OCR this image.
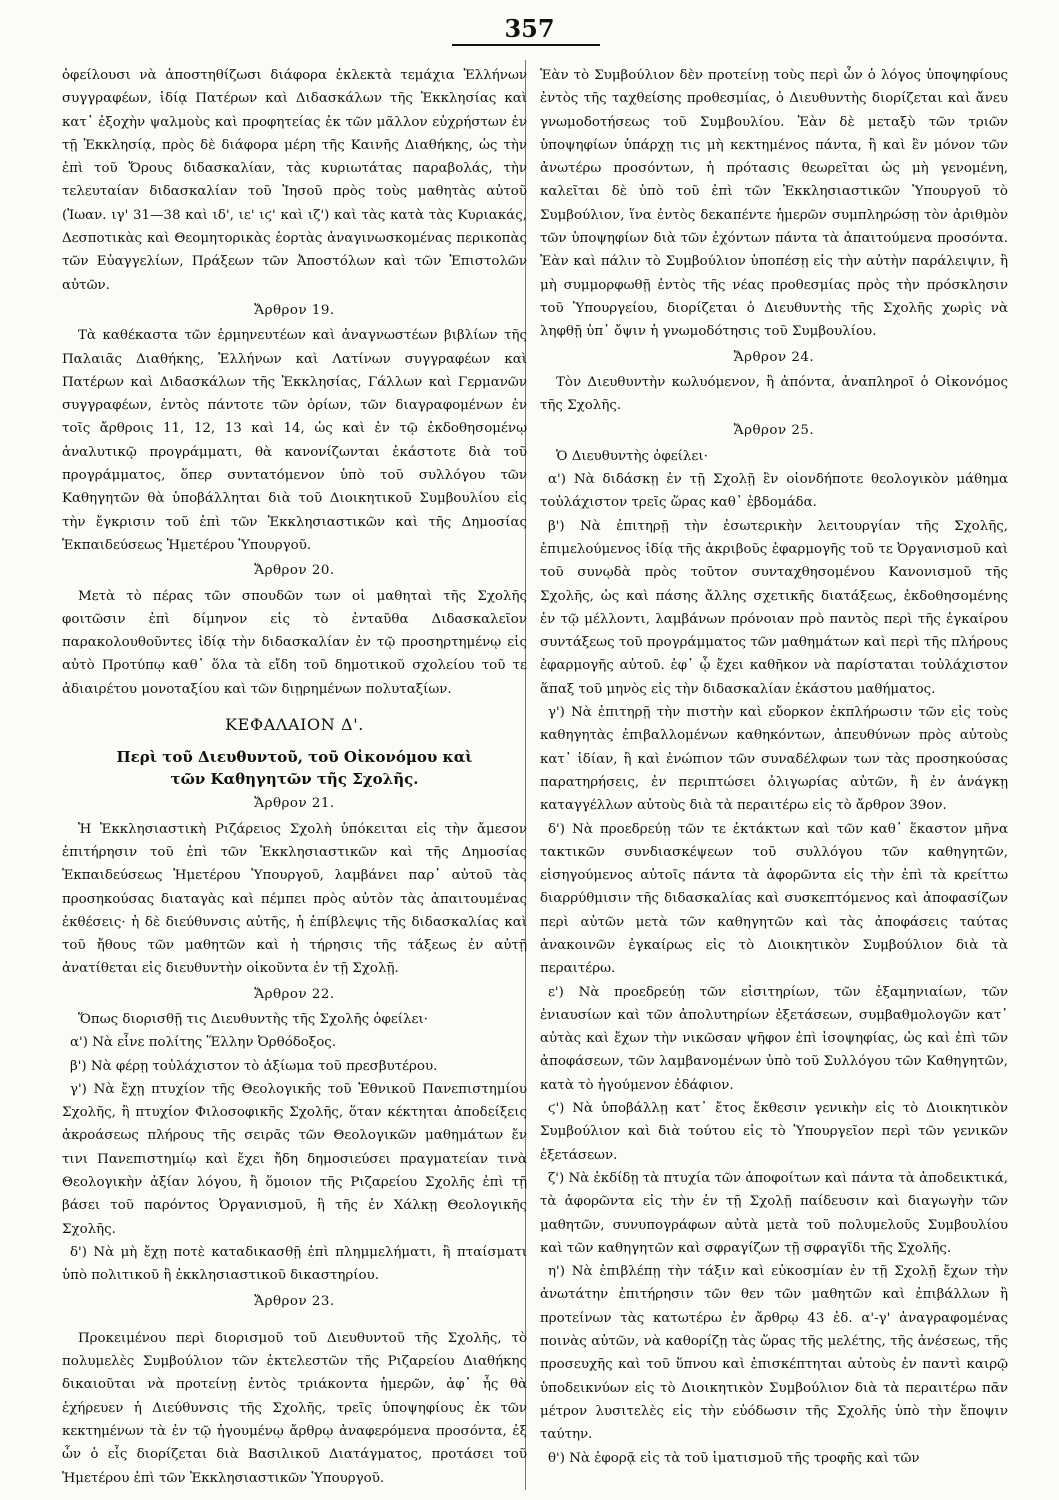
357

ὀφείλουσι νὰ ἀποστηθίζωσι διάφορα ἐκλεκτὰ τεμάχια Ἑλλήνων συγγραφέων, ἰδίᾳ Πατέρων καὶ Διδασκάλων τῆς Ἐκκλησίας καὶ κατ᾽ ἐξοχὴν ψαλμοὺς καὶ προφητείας ἐκ τῶν μᾶλλον εὐχρήστων ἐν τῇ Ἐκκλησίᾳ, πρὸς δὲ διάφορα μέρη τῆς Καινῆς Διαθήκης, ὡς τὴν ἐπὶ τοῦ Ὄρους διδασκαλίαν, τὰς κυριωτάτας παραβολάς, τὴν τελευταίαν διδασκαλίαν τοῦ Ἰησοῦ πρὸς τοὺς μαθητὰς αὐτοῦ (Ἰωαν. ιγ' 31—38 καὶ ιδ', ιε' ιϛ' καὶ ιζ') καὶ τὰς κατὰ τὰς Κυριακάς, Δεσποτικὰς καὶ Θεομητορικὰς ἑορτὰς ἀναγινωσκομένας περικοπὰς τῶν Εὐαγγελίων, Πράξεων τῶν Ἀποστόλων καὶ τῶν Ἐπιστολῶν αὐτῶν.

Ἄρθρον 19.

Τὰ καθέκαστα τῶν ἑρμηνευτέων καὶ ἀναγνωστέων βιβλίων τῆς Παλαιᾶς Διαθήκης, Ἑλλήνων καὶ Λατίνων συγγραφέων καὶ Πατέρων καὶ Διδασκάλων τῆς Ἐκκλησίας, Γάλλων καὶ Γερμανῶν συγγραφέων, ἐντὸς πάντοτε τῶν ὁρίων, τῶν διαγραφομένων ἐν τοῖς ἄρθροις 11, 12, 13 καὶ 14, ὡς καὶ ἐν τῷ ἐκδοθησομένῳ ἀναλυτικῷ προγράμματι, θὰ κανονίζωνται ἑκάστοτε διὰ τοῦ προγράμματος, ὅπερ συντατόμενον ὑπὸ τοῦ συλλόγου τῶν Καθηγητῶν θὰ ὑποβάλληται διὰ τοῦ Διοικητικοῦ Συμβουλίου εἰς τὴν ἔγκρισιν τοῦ ἐπὶ τῶν Ἐκκλησιαστικῶν καὶ τῆς Δημοσίας Ἐκπαιδεύσεως Ἡμετέρου Ὑπουργοῦ.

Ἄρθρον 20.

Μετὰ τὸ πέρας τῶν σπουδῶν των οἱ μαθηταὶ τῆς Σχολῆς φοιτῶσιν ἐπὶ δίμηνον εἰς τὸ ἐνταῦθα Διδασκαλεῖον παρακολουθοῦντες ἰδίᾳ τὴν διδασκαλίαν ἐν τῷ προσηρτημένῳ εἰς αὐτὸ Προτύπῳ καθ᾽ ὅλα τὰ εἴδη τοῦ δημοτικοῦ σχολείου τοῦ τε ἀδιαιρέτου μονοταξίου καὶ τῶν διῃρημένων πολυταξίων.

ΚΕΦΑΛΑΙΟΝ Δ'.
Περὶ τοῦ Διευθυντοῦ, τοῦ Οἰκονόμου καὶ
τῶν Καθηγητῶν τῆς Σχολῆς.
Ἄρθρον 21.

Ἡ Ἐκκλησιαστικὴ Ριζάρειος Σχολὴ ὑπόκειται εἰς τὴν ἄμεσον ἐπιτήρησιν τοῦ ἐπὶ τῶν Ἐκκλησιαστικῶν καὶ τῆς Δημοσίας Ἐκπαιδεύσεως Ἡμετέρου Ὑπουργοῦ, λαμβάνει παρ᾽ αὐτοῦ τὰς προσηκούσας διαταγὰς καὶ πέμπει πρὸς αὐτὸν τὰς ἀπαιτουμένας ἐκθέσεις· ἡ δὲ διεύθυνσις αὐτῆς, ἡ ἐπίβλεψις τῆς διδασκαλίας καὶ τοῦ ἤθους τῶν μαθητῶν καὶ ἡ τήρησις τῆς τάξεως ἐν αὐτῇ ἀνατίθεται εἰς διευθυντὴν οἰκοῦντα ἐν τῇ Σχολῇ.

Ἄρθρον 22.

Ὅπως διορισθῇ τις Διευθυντὴς τῆς Σχολῆς ὀφείλει·

α') Νὰ εἶνε πολίτης Ἕλλην Ὀρθόδοξος.

β') Νὰ φέρῃ τοὐλάχιστον τὸ ἀξίωμα τοῦ πρεσβυτέρου.

γ') Νὰ ἔχῃ πτυχίον τῆς Θεολογικῆς τοῦ Ἐθνικοῦ Πανεπιστημίου Σχολῆς, ἢ πτυχίον Φιλοσοφικῆς Σχολῆς, ὅταν κέκτηται ἀποδείξεις ἀκροάσεως πλήρους τῆς σειρᾶς τῶν Θεολογικῶν μαθημάτων ἔν τινι Πανεπιστημίῳ καὶ ἔχει ἤδη δημοσιεύσει πραγματείαν τινὰ Θεολογικὴν ἀξίαν λόγου, ἢ ὅμοιον τῆς Ριζαρείου Σχολῆς ἐπὶ τῇ βάσει τοῦ παρόντος Ὀργανισμοῦ, ἢ τῆς ἐν Χάλκῃ Θεολογικῆς Σχολῆς.

δ') Νὰ μὴ ἔχῃ ποτὲ καταδικασθῇ ἐπὶ πλημμελήματι, ἢ πταίσματι ὑπὸ πολιτικοῦ ἢ ἐκκλησιαστικοῦ δικαστηρίου.

Ἄρθρον 23.

Προκειμένου περὶ διορισμοῦ τοῦ Διευθυντοῦ τῆς Σχολῆς, τὸ πολυμελὲς Συμβούλιον τῶν ἐκτελεστῶν τῆς Ριζαρείου Διαθήκης δικαιοῦται νὰ προτείνῃ ἐντὸς τριάκοντα ἡμερῶν, ἀφ᾽ ἧς θὰ ἐχήρευεν ἡ Διεύθυνσις τῆς Σχολῆς, τρεῖς ὑποψηφίους ἐκ τῶν κεκτημένων τὰ ἐν τῷ ἡγουμένῳ ἄρθρῳ ἀναφερόμενα προσόντα, ἐξ ὧν ὁ εἷς διορίζεται διὰ Βασιλικοῦ Διατάγματος, προτάσει τοῦ Ἡμετέρου ἐπὶ τῶν Ἐκκλησιαστικῶν Ὑπουργοῦ.

Ἐὰν τὸ Συμβούλιον δὲν προτείνῃ τοὺς περὶ ὧν ὁ λόγος ὑποψηφίους ἐντὸς τῆς ταχθείσης προθεσμίας, ὁ Διευθυντὴς διορίζεται καὶ ἄνευ γνωμοδοτήσεως τοῦ Συμβουλίου. Ἐὰν δὲ μεταξὺ τῶν τριῶν ὑποψηφίων ὑπάρχῃ τις μὴ κεκτημένος πάντα, ἢ καὶ ἓν μόνον τῶν ἀνωτέρω προσόντων, ἡ πρότασις θεωρεῖται ὡς μὴ γενομένη, καλεῖται δὲ ὑπὸ τοῦ ἐπὶ τῶν Ἐκκλησιαστικῶν Ὑπουργοῦ τὸ Συμβούλιον, ἵνα ἐντὸς δεκαπέντε ἡμερῶν συμπληρώσῃ τὸν ἀριθμὸν τῶν ὑποψηφίων διὰ τῶν ἐχόντων πάντα τὰ ἀπαιτούμενα προσόντα. Ἐὰν καὶ πάλιν τὸ Συμβούλιον ὑποπέσῃ εἰς τὴν αὐτὴν παράλειψιν, ἢ μὴ συμμορφωθῇ ἐντὸς τῆς νέας προθεσμίας πρὸς τὴν πρόσκλησιν τοῦ Ὑπουργείου, διορίζεται ὁ Διευθυντὴς τῆς Σχολῆς χωρὶς νὰ ληφθῇ ὑπ᾽ ὄψιν ἡ γνωμοδότησις τοῦ Συμβουλίου.

Ἄρθρον 24.

Τὸν Διευθυντὴν κωλυόμενον, ἢ ἀπόντα, ἀναπληροῖ ὁ Οἰκονόμος τῆς Σχολῆς.

Ἄρθρον 25.

Ὁ Διευθυντὴς ὀφείλει·

α') Νὰ διδάσκῃ ἐν τῇ Σχολῇ ἓν οἱονδήποτε θεολογικὸν μάθημα τοὐλάχιστον τρεῖς ὥρας καθ᾽ ἑβδομάδα.

β') Νὰ ἐπιτηρῇ τὴν ἐσωτερικὴν λειτουργίαν τῆς Σχολῆς, ἐπιμελούμενος ἰδίᾳ τῆς ἀκριβοῦς ἐφαρμογῆς τοῦ τε Ὀργανισμοῦ καὶ τοῦ συνῳδὰ πρὸς τοῦτον συνταχθησομένου Κανονισμοῦ τῆς Σχολῆς, ὡς καὶ πάσης ἄλλης σχετικῆς διατάξεως, ἐκδοθησομένης ἐν τῷ μέλλοντι, λαμβάνων πρόνοιαν πρὸ παντὸς περὶ τῆς ἐγκαίρου συντάξεως τοῦ προγράμματος τῶν μαθημάτων καὶ περὶ τῆς πλήρους ἐφαρμογῆς αὐτοῦ. ἐφ᾽ ᾧ ἔχει καθῆκον νὰ παρίσταται τοὐλάχιστον ἅπαξ τοῦ μηνὸς εἰς τὴν διδασκαλίαν ἑκάστου μαθήματος.

γ') Νὰ ἐπιτηρῇ τὴν πιστὴν καὶ εὔορκον ἐκπλήρωσιν τῶν εἰς τοὺς καθηγητὰς ἐπιβαλλομένων καθηκόντων, ἀπευθύνων πρὸς αὐτοὺς κατ᾽ ἰδίαν, ἢ καὶ ἐνώπιον τῶν συναδέλφων των τὰς προσηκούσας παρατηρήσεις, ἐν περιπτώσει ὀλιγωρίας αὐτῶν, ἢ ἐν ἀνάγκῃ καταγγέλλων αὐτοὺς διὰ τὰ περαιτέρω εἰς τὸ ἄρθρον 39ον.

δ') Νὰ προεδρεύῃ τῶν τε ἐκτάκτων καὶ τῶν καθ᾽ ἕκαστον μῆνα τακτικῶν συνδιασκέψεων τοῦ συλλόγου τῶν καθηγητῶν, εἰσηγούμενος αὐτοῖς πάντα τὰ ἀφορῶντα εἰς τὴν ἐπὶ τὰ κρείττω διαρρύθμισιν τῆς διδασκαλίας καὶ συσκεπτόμενος καὶ ἀποφασίζων περὶ αὐτῶν μετὰ τῶν καθηγητῶν καὶ τὰς ἀποφάσεις ταύτας ἀνακοινῶν ἐγκαίρως εἰς τὸ Διοικητικὸν Συμβούλιον διὰ τὰ περαιτέρω.

ε') Νὰ προεδρεύῃ τῶν εἰσιτηρίων, τῶν ἑξαμηνιαίων, τῶν ἐνιαυσίων καὶ τῶν ἀπολυτηρίων ἐξετάσεων, συμβαθμολογῶν κατ᾽ αὐτὰς καὶ ἔχων τὴν νικῶσαν ψῆφον ἐπὶ ἰσοψηφίας, ὡς καὶ ἐπὶ τῶν ἀποφάσεων, τῶν λαμβανομένων ὑπὸ τοῦ Συλλόγου τῶν Καθηγητῶν, κατὰ τὸ ἡγούμενον ἐδάφιον.

ϛ') Νὰ ὑποβάλλῃ κατ᾽ ἔτος ἔκθεσιν γενικὴν εἰς τὸ Διοικητικὸν Συμβούλιον καὶ διὰ τούτου εἰς τὸ Ὑπουργεῖον περὶ τῶν γενικῶν ἐξετάσεων.

ζ') Νὰ ἐκδίδῃ τὰ πτυχία τῶν ἀποφοίτων καὶ πάντα τὰ ἀποδεικτικά, τὰ ἀφορῶντα εἰς τὴν ἐν τῇ Σχολῇ παίδευσιν καὶ διαγωγὴν τῶν μαθητῶν, συνυπογράφων αὐτὰ μετὰ τοῦ πολυμελοῦς Συμβουλίου καὶ τῶν καθηγητῶν καὶ σφραγίζων τῇ σφραγῖδι τῆς Σχολῆς.

η') Νὰ ἐπιβλέπῃ τὴν τάξιν καὶ εὐκοσμίαν ἐν τῇ Σχολῇ ἔχων τὴν ἀνωτάτην ἐπιτήρησιν τῶν θεν τῶν μαθητῶν καὶ ἐπιβάλλων ἢ προτείνων τὰς κατωτέρω ἐν ἄρθρῳ 43 ἐδ. α'-γ' ἀναγραφομένας ποινὰς αὐτῶν, νὰ καθορίζῃ τὰς ὥρας τῆς μελέτης, τῆς ἀνέσεως, τῆς προσευχῆς καὶ τοῦ ὕπνου καὶ ἐπισκέπτηται αὐτοὺς ἐν παντὶ καιρῷ ὑποδεικνύων εἰς τὸ Διοικητικὸν Συμβούλιον διὰ τὰ περαιτέρω πᾶν μέτρον λυσιτελὲς εἰς τὴν εὐόδωσιν τῆς Σχολῆς ὑπὸ τὴν ἔποψιν ταύτην.

θ') Νὰ ἐφορᾷ εἰς τὰ τοῦ ἱματισμοῦ τῆς τροφῆς καὶ τῶν
